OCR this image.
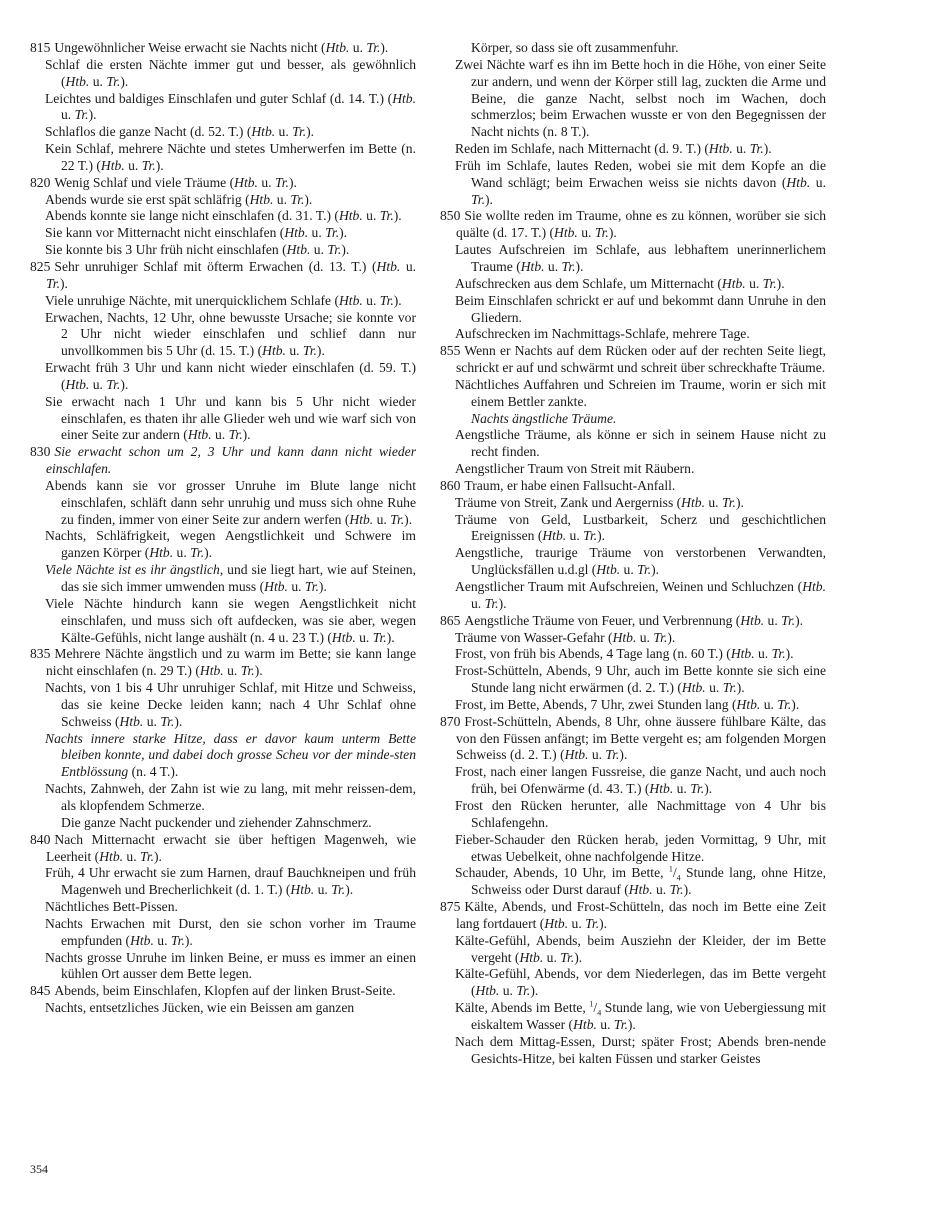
815 Ungewöhnlicher Weise erwacht sie Nachts nicht (Htb. u. Tr.).

Schlaf die ersten Nächte immer gut und besser, als gewöhnlich (Htb. u. Tr.).

Leichtes und baldiges Einschlafen und guter Schlaf (d. 14. T.) (Htb. u. Tr.).

Schlaflos die ganze Nacht (d. 52. T.) (Htb. u. Tr.).

Kein Schlaf, mehrere Nächte und stetes Umherwerfen im Bette (n. 22 T.) (Htb. u. Tr.).

820 Wenig Schlaf und viele Träume (Htb. u. Tr.).

Abends wurde sie erst spät schläfrig (Htb. u. Tr.).

Abends konnte sie lange nicht einschlafen (d. 31. T.) (Htb. u. Tr.).

Sie kann vor Mitternacht nicht einschlafen (Htb. u. Tr.).

Sie konnte bis 3 Uhr früh nicht einschlafen (Htb. u. Tr.).

825 Sehr unruhiger Schlaf mit öfterm Erwachen (d. 13. T.) (Htb. u. Tr.).

Viele unruhige Nächte, mit unerquicklichem Schlafe (Htb. u. Tr.).

Erwachen, Nachts, 12 Uhr, ohne bewusste Ursache; sie konnte vor 2 Uhr nicht wieder einschlafen und schlief dann nur unvollkommen bis 5 Uhr (d. 15. T.) (Htb. u. Tr.).

Erwacht früh 3 Uhr und kann nicht wieder einschlafen (d. 59. T.) (Htb. u. Tr.).

Sie erwacht nach 1 Uhr und kann bis 5 Uhr nicht wieder einschlafen, es thaten ihr alle Glieder weh und wie warf sich von einer Seite zur andern (Htb. u. Tr.).

830 Sie erwacht schon um 2, 3 Uhr und kann dann nicht wieder einschlafen.

Abends kann sie vor grosser Unruhe im Blute lange nicht einschlafen, schläft dann sehr unruhig und muss sich ohne Ruhe zu finden, immer von einer Seite zur andern werfen (Htb. u. Tr.).

Nachts, Schläfrigkeit, wegen Aengstlichkeit und Schwere im ganzen Körper (Htb. u. Tr.).

Viele Nächte ist es ihr ängstlich, und sie liegt hart, wie auf Steinen, das sie sich immer umwenden muss (Htb. u. Tr.).

Viele Nächte hindurch kann sie wegen Aengstlichkeit nicht einschlafen, und muss sich oft aufdecken, was sie aber, wegen Kälte-Gefühls, nicht lange aushält (n. 4 u. 23 T.) (Htb. u. Tr.).

835 Mehrere Nächte ängstlich und zu warm im Bette; sie kann lange nicht einschlafen (n. 29 T.) (Htb. u. Tr.).

Nachts, von 1 bis 4 Uhr unruhiger Schlaf, mit Hitze und Schweiss, das sie keine Decke leiden kann; nach 4 Uhr Schlaf ohne Schweiss (Htb. u. Tr.).

Nachts innere starke Hitze, dass er davor kaum unterm Bette bleiben konnte, und dabei doch grosse Scheu vor der minde-sten Entblössung (n. 4 T.).

Nachts, Zahnweh, der Zahn ist wie zu lang, mit mehr reissen-dem, als klopfendem Schmerze.

Die ganze Nacht puckender und ziehender Zahnschmerz.

840 Nach Mitternacht erwacht sie über heftigen Magenweh, wie Leerheit (Htb. u. Tr.).

Früh, 4 Uhr erwacht sie zum Harnen, drauf Bauchkneipen und früh Magenweh und Brecherlichkeit (d. 1. T.) (Htb. u. Tr.).

Nächtliches Bett-Pissen.

Nachts Erwachen mit Durst, den sie schon vorher im Traume empfunden (Htb. u. Tr.).

Nachts grosse Unruhe im linken Beine, er muss es immer an einen kühlen Ort ausser dem Bette legen.

845 Abends, beim Einschlafen, Klopfen auf der linken Brust-Seite.

Nachts, entsetzliches Jücken, wie ein Beissen am ganzen

Körper, so dass sie oft zusammenfuhr.

Zwei Nächte warf es ihn im Bette hoch in die Höhe, von einer Seite zur andern, und wenn der Körper still lag, zuckten die Arme und Beine, die ganze Nacht, selbst noch im Wachen, doch schmerzlos; beim Erwachen wusste er von den Begegnissen der Nacht nichts (n. 8 T.).

Reden im Schlafe, nach Mitternacht (d. 9. T.) (Htb. u. Tr.).

Früh im Schlafe, lautes Reden, wobei sie mit dem Kopfe an die Wand schlägt; beim Erwachen weiss sie nichts davon (Htb. u. Tr.).

850 Sie wollte reden im Traume, ohne es zu können, worüber sie sich quälte (d. 17. T.) (Htb. u. Tr.).

Lautes Aufschreien im Schlafe, aus lebhaftem unerinnerlichem Traume (Htb. u. Tr.).

Aufschrecken aus dem Schlafe, um Mitternacht (Htb. u. Tr.).

Beim Einschlafen schrickt er auf und bekommt dann Unruhe in den Gliedern.

Aufschrecken im Nachmittags-Schlafe, mehrere Tage.

855 Wenn er Nachts auf dem Rücken oder auf der rechten Seite liegt, schrickt er auf und schwärmt und schreit über schreckhafte Träume.

Nächtliches Auffahren und Schreien im Traume, worin er sich mit einem Bettler zankte.

Nachts ängstliche Träume.

Aengstliche Träume, als könne er sich in seinem Hause nicht zu recht finden.

Aengstlicher Traum von Streit mit Räubern.

860 Traum, er habe einen Fallsucht-Anfall.

Träume von Streit, Zank und Aergerniss (Htb. u. Tr.).

Träume von Geld, Lustbarkeit, Scherz und geschichtlichen Ereignissen (Htb. u. Tr.).

Aengstliche, traurige Träume von verstorbenen Verwandten, Unglücksfällen u.d.gl (Htb. u. Tr.).

Aengstlicher Traum mit Aufschreien, Weinen und Schluchzen (Htb. u. Tr.).

865 Aengstliche Träume von Feuer, und Verbrennung (Htb. u. Tr.).

Träume von Wasser-Gefahr (Htb. u. Tr.).

Frost, von früh bis Abends, 4 Tage lang (n. 60 T.) (Htb. u. Tr.).

Frost-Schütteln, Abends, 9 Uhr, auch im Bette konnte sie sich eine Stunde lang nicht erwärmen (d. 2. T.) (Htb. u. Tr.).

Frost, im Bette, Abends, 7 Uhr, zwei Stunden lang (Htb. u. Tr.).

870 Frost-Schütteln, Abends, 8 Uhr, ohne äussere fühlbare Kälte, das von den Füssen anfängt; im Bette vergeht es; am folgenden Morgen Schweiss (d. 2. T.) (Htb. u. Tr.).

Frost, nach einer langen Fussreise, die ganze Nacht, und auch noch früh, bei Ofenwärme (d. 43. T.) (Htb. u. Tr.).

Frost den Rücken herunter, alle Nachmittage von 4 Uhr bis Schlafengehn.

Fieber-Schauder den Rücken herab, jeden Vormittag, 9 Uhr, mit etwas Uebelkeit, ohne nachfolgende Hitze.

Schauder, Abends, 10 Uhr, im Bette, $^1/_4$ Stunde lang, ohne Hitze, Schweiss oder Durst darauf (Htb. u. Tr.).

875 Kälte, Abends, und Frost-Schütteln, das noch im Bette eine Zeit lang fortdauert (Htb. u. Tr.).

Kälte-Gefühl, Abends, beim Ausziehn der Kleider, der im Bette vergeht (Htb. u. Tr.).

Kälte-Gefühl, Abends, vor dem Niederlegen, das im Bette vergeht (Htb. u. Tr.).

Kälte, Abends im Bette, $^1/_4$ Stunde lang, wie von Uebergiessung mit eiskaltem Wasser (Htb. u. Tr.).

Nach dem Mittag-Essen, Durst; später Frost; Abends bren-nende Gesichts-Hitze, bei kalten Füssen und starker Geistes

354
